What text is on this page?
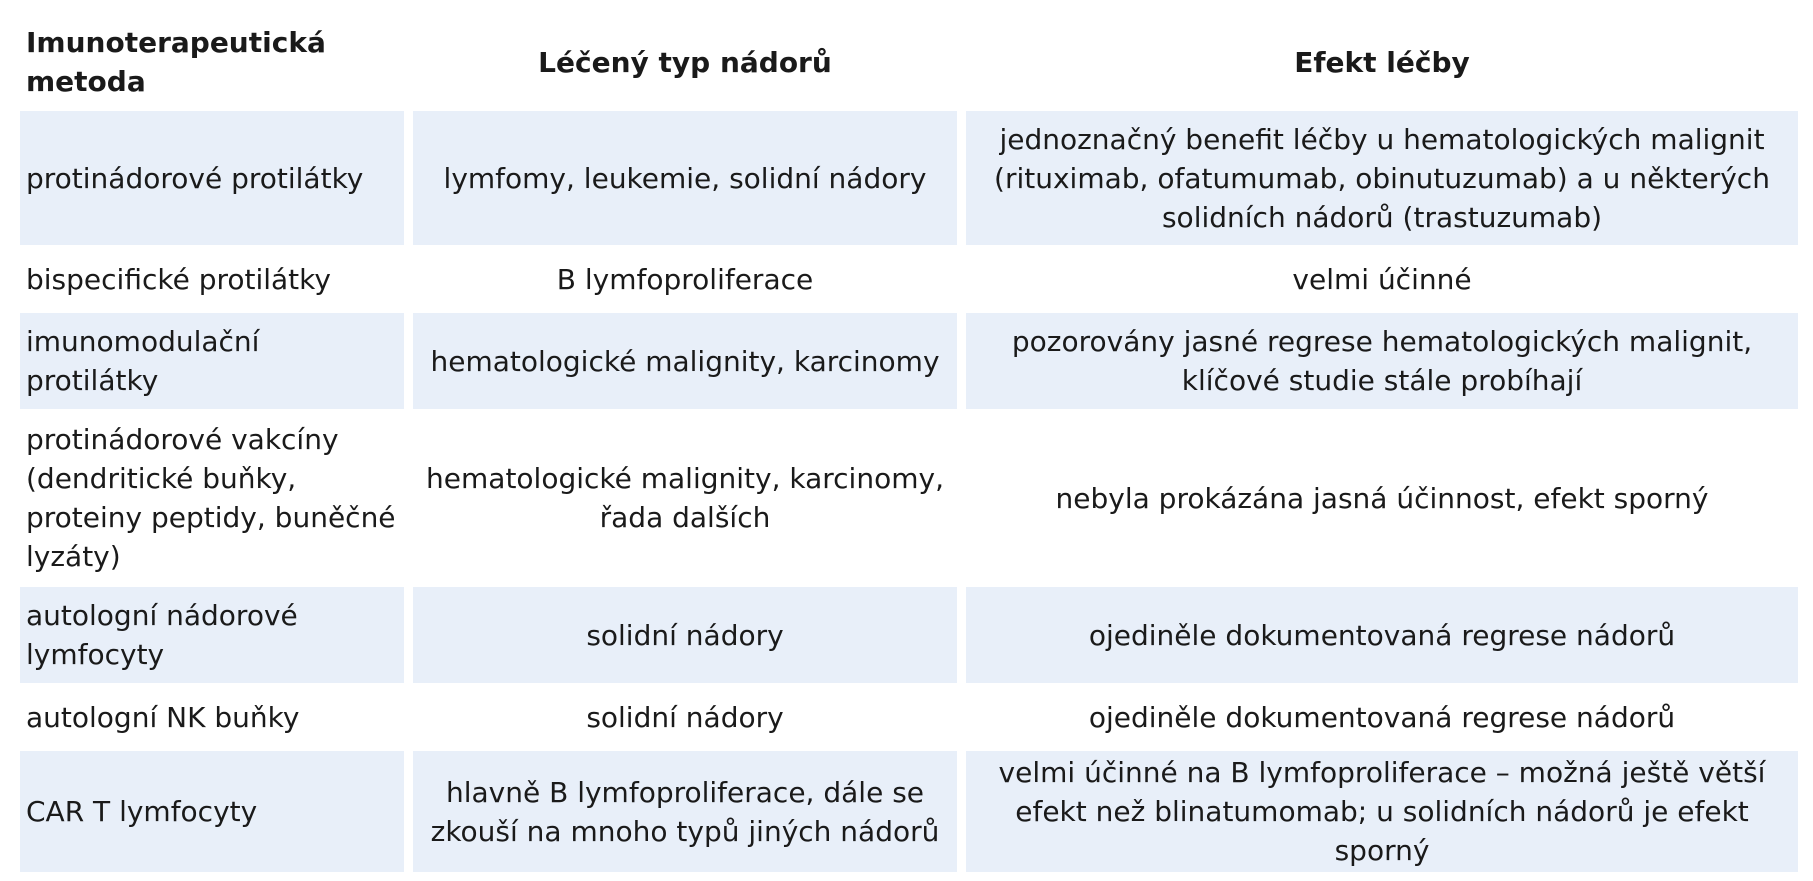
Imunoterapeutická metoda	Léčený typ nádorů	Efekt léčby
protinádorové protilátky	lymfomy, leukemie, solidní nádory	jednoznačný benefit léčby u hematologických malignit (rituximab, ofatumumab, obinutuzumab) a u některých solidních nádorů (trastuzumab)
bispecifické protilátky	B lymfoproliferace	velmi účinné
imunomodulační protilátky	hematologické malignity, karcinomy	pozorovány jasné regrese hematologických malignit, klíčové studie stále probíhají
protinádorové vakcíny (dendritické buňky, proteiny peptidy, buněčné lyzáty)	hematologické malignity, karcinomy, řada dalších	nebyla prokázána jasná účinnost, efekt sporný
autologní nádorové lymfocyty	solidní nádory	ojediněle dokumentovaná regrese nádorů
autologní NK buňky	solidní nádory	ojediněle dokumentovaná regrese nádorů
CAR T lymfocyty	hlavně B lymfoproliferace, dále se zkouší na mnoho typů jiných nádorů	velmi účinné na B lymfoproliferace – možná ještě větší efekt než blinatumomab; u solidních nádorů je efekt sporný
